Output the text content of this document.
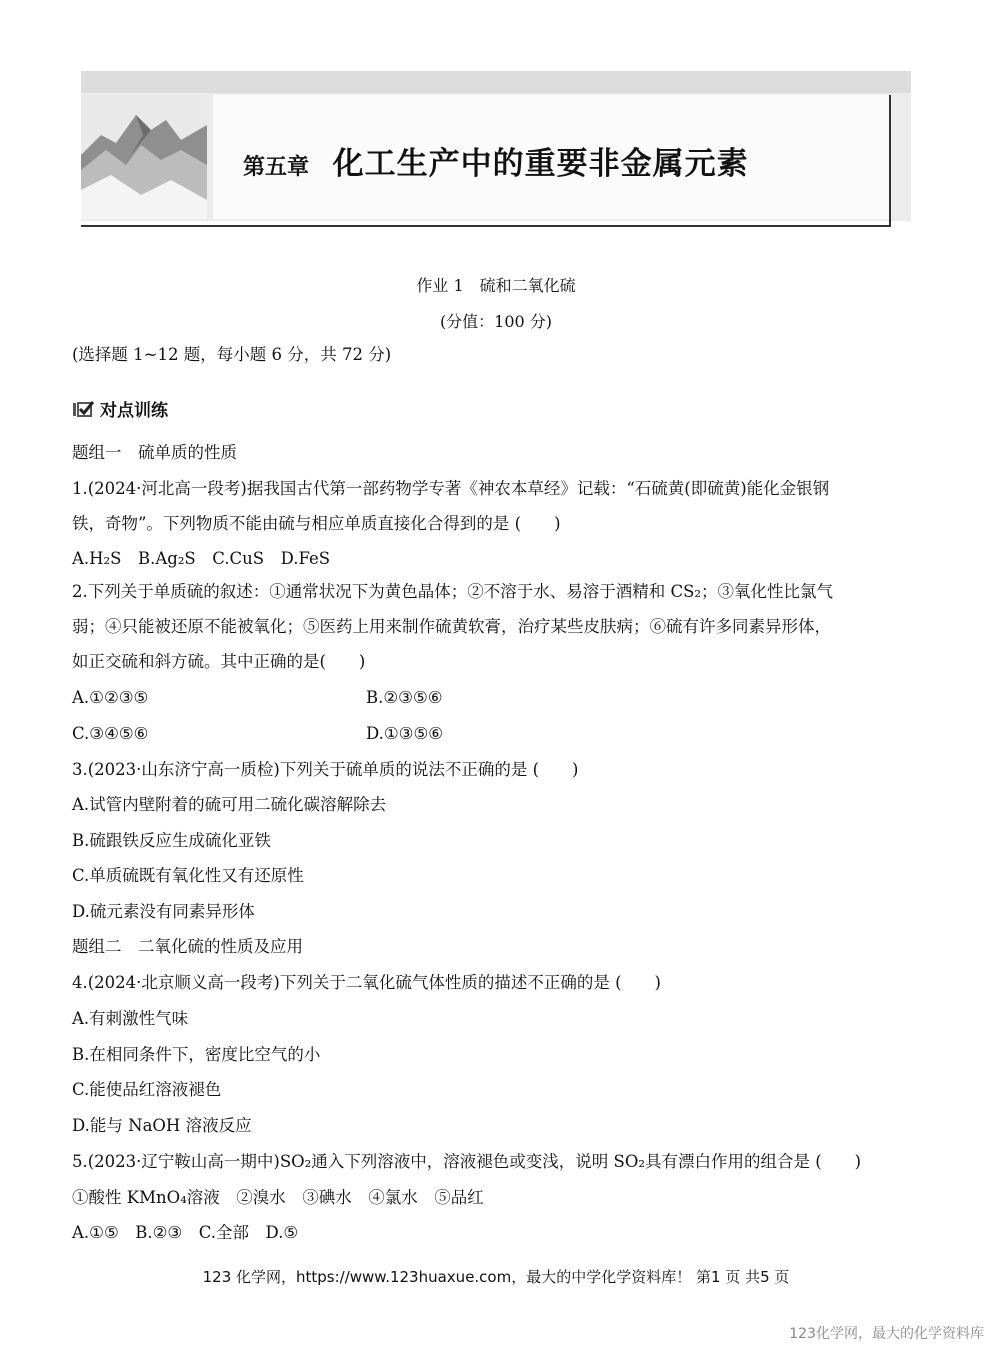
第五章 化工生产中的重要非金属元素
作业 1　硫和二氧化硫
(分值：100 分)
(选择题 1~12 题，每小题 6 分，共 72 分)
对点训练
题组一　硫单质的性质
1.(2024·河北高一段考)据我国古代第一部药物学专著《神农本草经》记载：“石硫黄(即硫黄)能化金银钢
铁，奇物”。下列物质不能由硫与相应单质直接化合得到的是 (　　)
A.H₂S　B.Ag₂S　C.CuS　D.FeS
2.下列关于单质硫的叙述：①通常状况下为黄色晶体；②不溶于水、易溶于酒精和 CS₂；③氧化性比氯气
弱；④只能被还原不能被氧化；⑤医药上用来制作硫黄软膏，治疗某些皮肤病；⑥硫有许多同素异形体，
如正交硫和斜方硫。其中正确的是(　　)
A.①②③⑤	B.②③⑤⑥
C.③④⑤⑥	D.①③⑤⑥
3.(2023·山东济宁高一质检)下列关于硫单质的说法不正确的是 (　　)
A.试管内壁附着的硫可用二硫化碳溶解除去
B.硫跟铁反应生成硫化亚铁
C.单质硫既有氧化性又有还原性
D.硫元素没有同素异形体
题组二　二氧化硫的性质及应用
4.(2024·北京顺义高一段考)下列关于二氧化硫气体性质的描述不正确的是 (　　)
A.有刺激性气味
B.在相同条件下，密度比空气的小
C.能使品红溶液褪色
D.能与 NaOH 溶液反应
5.(2023·辽宁鞍山高一期中)SO₂通入下列溶液中，溶液褪色或变浅，说明 SO₂具有漂白作用的组合是 (　　)
①酸性 KMnO₄溶液　②溴水　③碘水　④氯水　⑤品红
A.①⑤　B.②③　C.全部　D.⑤
123 化学网，https://www.123huaxue.com，最大的中学化学资料库！ 第1 页 共5 页
123化学网，最大的化学资料库
